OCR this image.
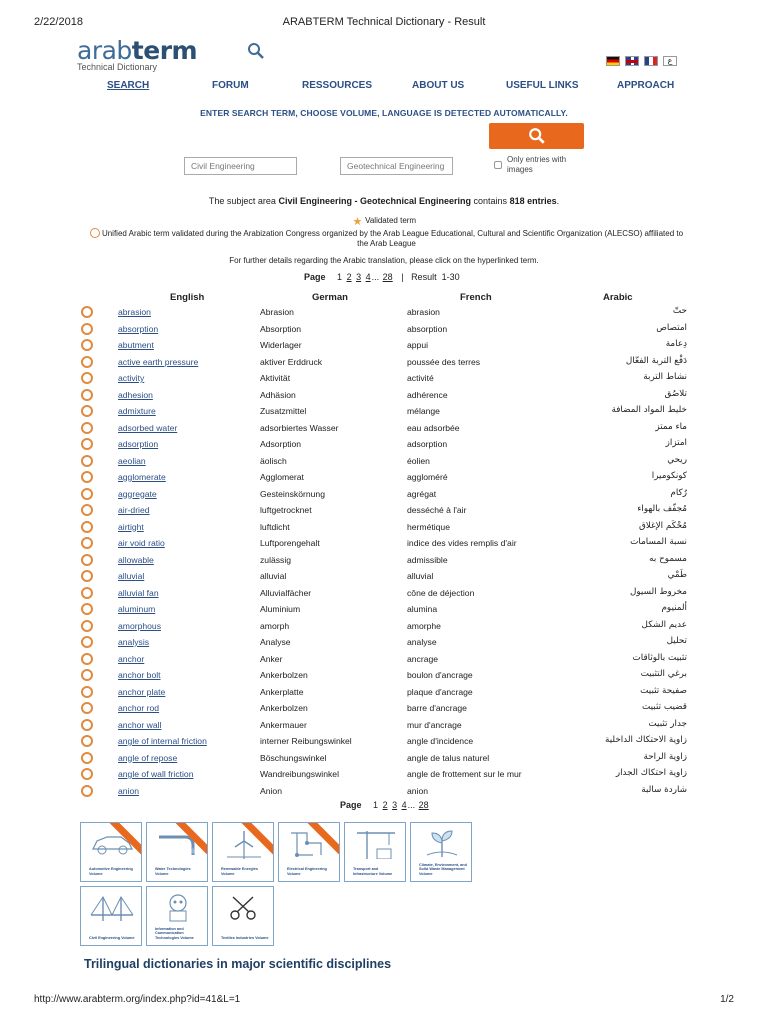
2/22/2018	ARABTERM Technical Dictionary - Result
arabterm
Technical Dictionary
ع
SEARCH	FORUM	RESSOURCES	ABOUT US	USEFUL LINKS	APPROACH
ENTER SEARCH TERM, CHOOSE VOLUME, LANGUAGE IS DETECTED AUTOMATICALLY.
Civil Engineering	Geotechnical Engineering
Only entries with images
The subject area Civil Engineering - Geotechnical Engineering contains 818 entries.
★ Validated term
Unified Arabic term validated during the Arabization Congress organized by the Arab League Educational, Cultural and Scientific Organization (ALECSO) affiliated to the Arab League
For further details regarding the Arabic translation, please click on the hyperlinked term.
Page 1 2 3 4... 28 | Result 1-30
English	German	French	Arabic
abrasion	Abrasion	abrasion	حتّ
absorption	Absorption	absorption	امتصاص
abutment	Widerlager	appui	دِعامة
active earth pressure	aktiver Erddruck	poussée des terres	دَفْع التربة الفعّال
activity	Aktivität	activité	نشاط التربة
adhesion	Adhäsion	adhérence	تلاصُق
admixture	Zusatzmittel	mélange	خليط المواد المضافة
adsorbed water	adsorbiertes Wasser	eau adsorbée	ماء ممتز
adsorption	Adsorption	adsorption	امتزاز
aeolian	äolisch	éolien	ريحي
agglomerate	Agglomerat	aggloméré	كونكوميرا
aggregate	Gesteinskörnung	agrégat	رُكام
air-dried	luftgetrocknet	desséché à l'air	مُجفّف بالهواء
airtight	luftdicht	hermétique	مُحْكَم الإغلاق
air void ratio	Luftporengehalt	indice des vides remplis d'air	نسبة المسامات
allowable	zulässig	admissible	مسموح به
alluvial	alluvial	alluvial	طَمْي
alluvial fan	Alluvialfächer	cône de déjection	مخروط السيول
aluminum	Aluminium	alumina	ألمنيوم
amorphous	amorph	amorphe	عديم الشكل
analysis	Analyse	analyse	تحليل
anchor	Anker	ancrage	تثبيت بالوثاقات
anchor bolt	Ankerbolzen	boulon d'ancrage	برغي التثبيت
anchor plate	Ankerplatte	plaque d'ancrage	صفيحة تثبيت
anchor rod	Ankerbolzen	barre d'ancrage	قضيب تثبيت
anchor wall	Ankermauer	mur d'ancrage	جدار تثبيت
angle of internal friction	interner Reibungswinkel	angle d'incidence	زاوية الاحتكاك الداخلية
angle of repose	Böschungswinkel	angle de talus naturel	زاوية الراحة
angle of wall friction	Wandreibungswinkel	angle de frottement sur le mur	زاوية احتكاك الجدار
anion	Anion	anion	شاردة سالبة
Page 1 2 3 4... 28
Automotive Engineering Volume
Water Technologies Volume
Renewable Energies Volume
Electrical Engineering Volume
Transport and Infrastructure Volume
Climate, Environment, and Solid Waste Management Volume
Civil Engineering Volume
Information and Communication Technologies Volume	Textiles Industries Volume
Trilingual dictionaries in major scientific disciplines
http://www.arabterm.org/index.php?id=41&L=1	1/2
